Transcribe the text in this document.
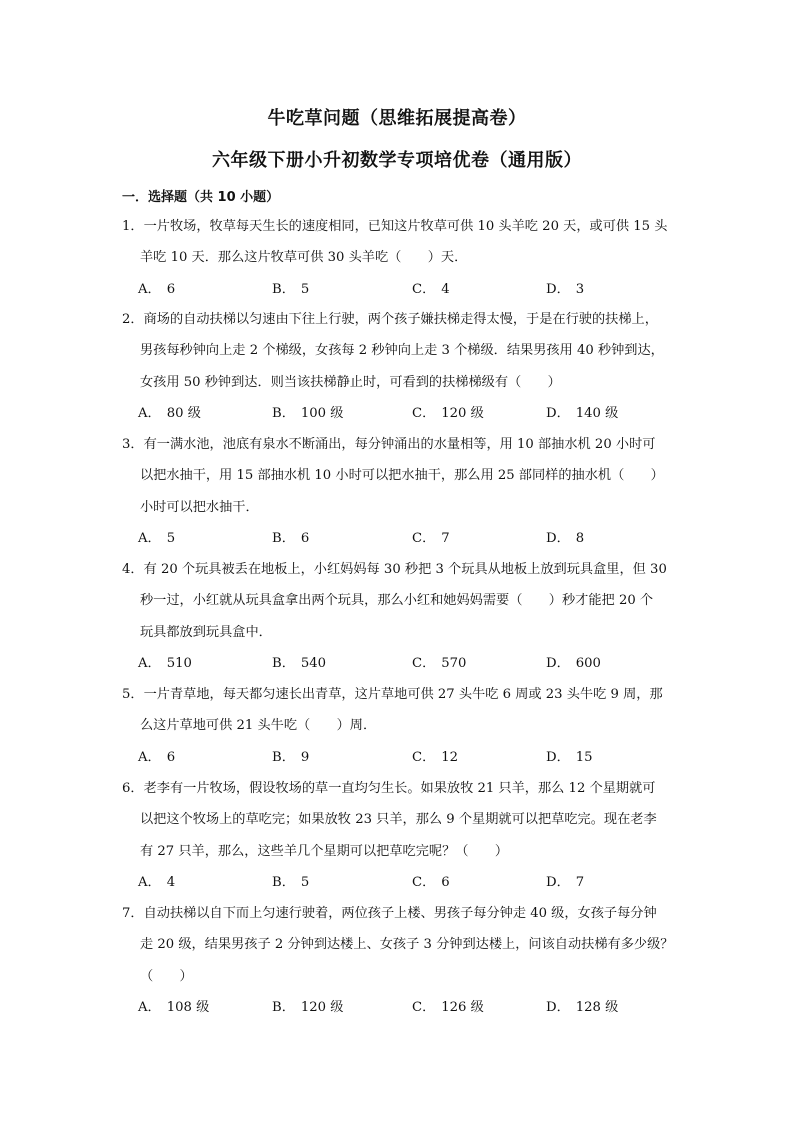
牛吃草问题（思维拓展提高卷）
六年级下册小升初数学专项培优卷（通用版）
一．选择题（共 10 小题）
1．一片牧场，牧草每天生长的速度相同，已知这片牧草可供 10 头羊吃 20 天，或可供 15 头
羊吃 10 天．那么这片牧草可供 30 头羊吃（　　）天．
A． 6	B． 5	C． 4	D． 3
2．商场的自动扶梯以匀速由下往上行驶，两个孩子嫌扶梯走得太慢，于是在行驶的扶梯上，
男孩每秒钟向上走 2 个梯级，女孩每 2 秒钟向上走 3 个梯级．结果男孩用 40 秒钟到达，
女孩用 50 秒钟到达．则当该扶梯静止时，可看到的扶梯梯级有（　　）
A． 80 级	B． 100 级	C． 120 级	D． 140 级
3．有一满水池，池底有泉水不断涌出，每分钟涌出的水量相等，用 10 部抽水机 20 小时可
以把水抽干，用 15 部抽水机 10 小时可以把水抽干，那么用 25 部同样的抽水机（　　）
小时可以把水抽干．
A． 5	B． 6	C． 7	D． 8
4．有 20 个玩具被丢在地板上，小红妈妈每 30 秒把 3 个玩具从地板上放到玩具盒里，但 30
秒一过，小红就从玩具盒拿出两个玩具，那么小红和她妈妈需要（　　）秒才能把 20 个
玩具都放到玩具盒中．
A． 510	B． 540	C． 570	D． 600
5．一片青草地，每天都匀速长出青草，这片草地可供 27 头牛吃 6 周或 23 头牛吃 9 周，那
么这片草地可供 21 头牛吃（　　）周．
A． 6	B． 9	C． 12	D． 15
6．老李有一片牧场，假设牧场的草一直均匀生长。如果放牧 21 只羊，那么 12 个星期就可
以把这个牧场上的草吃完；如果放牧 23 只羊，那么 9 个星期就可以把草吃完。现在老李
有 27 只羊，那么，这些羊几个星期可以把草吃完呢？（　　）
A． 4	B． 5	C． 6	D． 7
7．自动扶梯以自下而上匀速行驶着，两位孩子上楼、男孩子每分钟走 40 级，女孩子每分钟
走 20 级，结果男孩子 2 分钟到达楼上、女孩子 3 分钟到达楼上，问该自动扶梯有多少级？
（　　）
A． 108 级	B． 120 级	C． 126 级	D． 128 级
